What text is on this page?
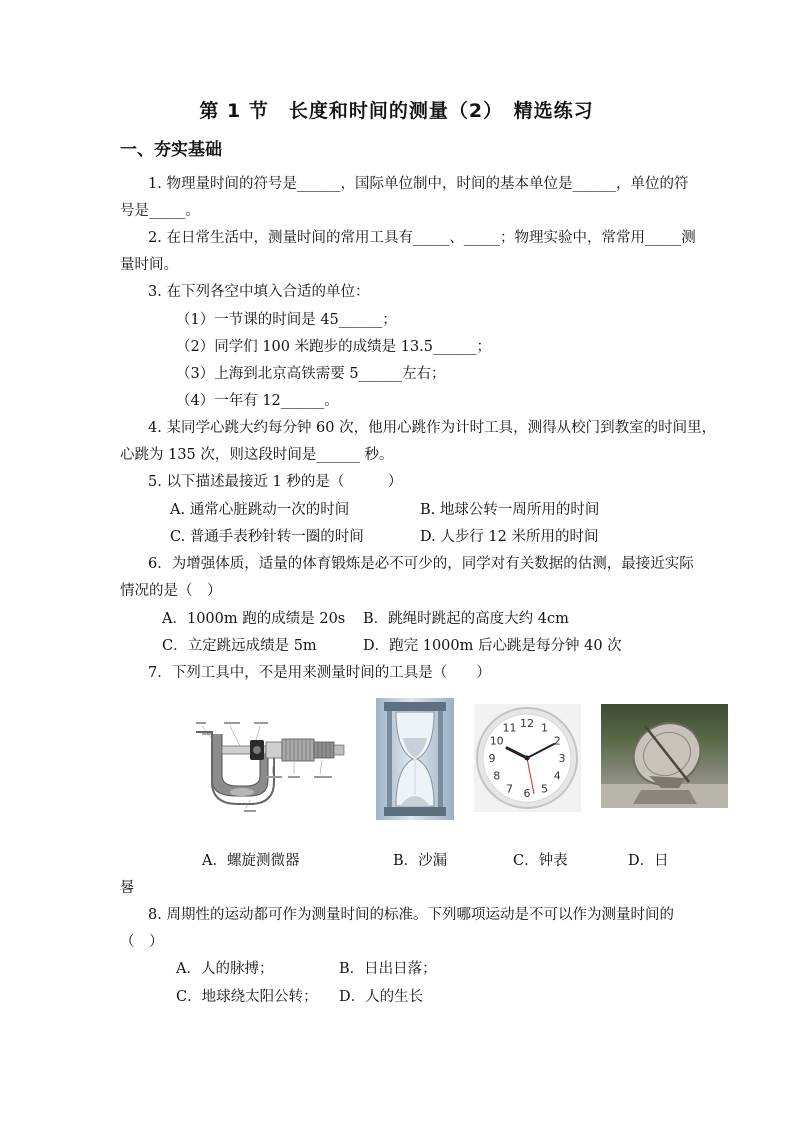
第 1 节　长度和时间的测量（2）　精选练习
一、夯实基础
1. 物理量时间的符号是______，国际单位制中，时间的基本单位是______，单位的符
号是_____。
2. 在日常生活中，测量时间的常用工具有_____、_____；物理实验中，常常用_____测
量时间。
3. 在下列各空中填入合适的单位：
（1）一节课的时间是 45______；
（2）同学们 100 米跑步的成绩是 13.5______；
（3）上海到北京高铁需要 5______左右；
（4）一年有 12______。
4. 某同学心跳大约每分钟 60 次，他用心跳作为计时工具，测得从校门到教室的时间里，
心跳为 135 次，则这段时间是______ 秒。
5. 以下描述最接近 1 秒的是（　　　）
A. 通常心脏跳动一次的时间	B. 地球公转一周所用的时间
C. 普通手表秒针转一圈的时间	D. 人步行 12 米所用的时间
6．为增强体质，适量的体育锻炼是必不可少的，同学对有关数据的估测，最接近实际
情况的是（　）
A．1000m 跑的成绩是 20s B．跳绳时跳起的高度大约 4cm
C．立定跳远成绩是 5m	D．跑完 1000m 后心跳是每分钟 40 次
7．下列工具中，不是用来测量时间的工具是（　　）
12 1
2
3
4
5
6
7
8
9
10
11
A．螺旋测微器	B．沙漏	C．钟表	D．日
晷
8. 周期性的运动都可作为测量时间的标准。下列哪项运动是不可以作为测量时间的
（　）
A．人的脉搏；	B．日出日落；
C．地球绕太阳公转； D．人的生长
